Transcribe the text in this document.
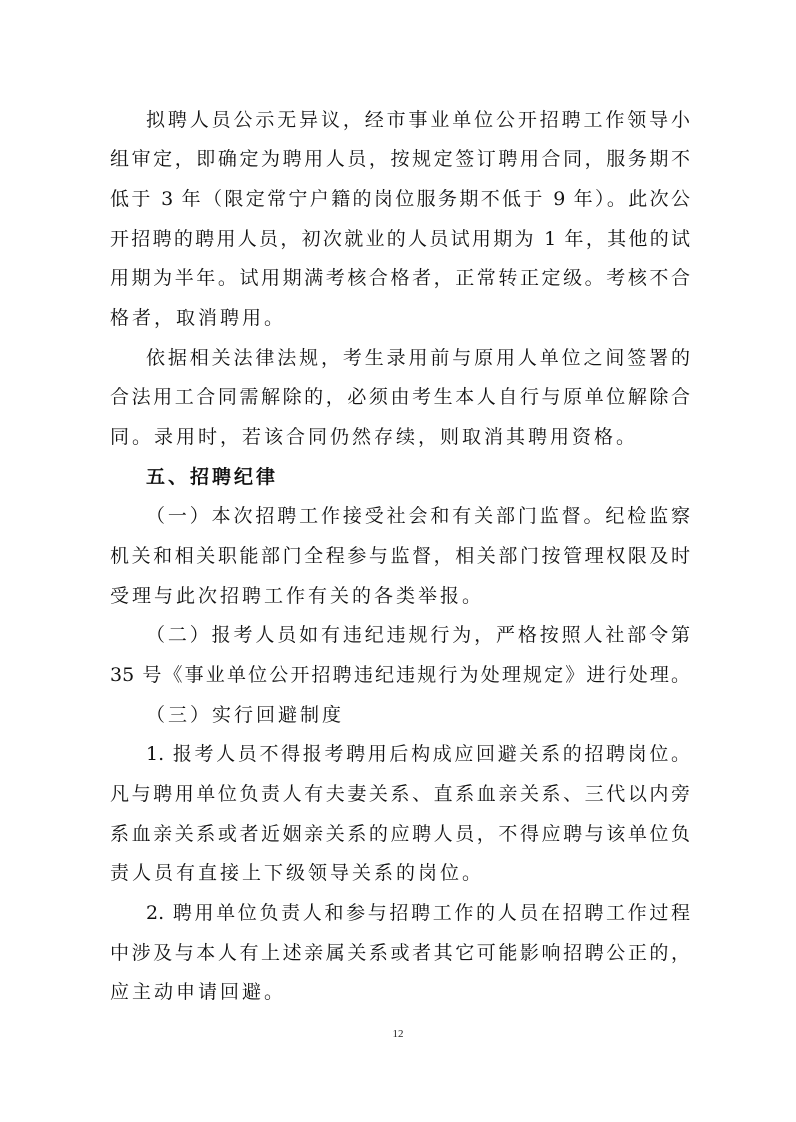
拟聘人员公示无异议，经市事业单位公开招聘工作领导小
组审定，即确定为聘用人员，按规定签订聘用合同，服务期不
低于 3 年（限定常宁户籍的岗位服务期不低于 9 年）。此次公
开招聘的聘用人员，初次就业的人员试用期为 1 年，其他的试
用期为半年。试用期满考核合格者，正常转正定级。考核不合
格者，取消聘用。
依据相关法律法规，考生录用前与原用人单位之间签署的
合法用工合同需解除的，必须由考生本人自行与原单位解除合
同。录用时，若该合同仍然存续，则取消其聘用资格。
五、招聘纪律
（一）本次招聘工作接受社会和有关部门监督。纪检监察
机关和相关职能部门全程参与监督，相关部门按管理权限及时
受理与此次招聘工作有关的各类举报。
（二）报考人员如有违纪违规行为，严格按照人社部令第
35 号《事业单位公开招聘违纪违规行为处理规定》进行处理。
（三）实行回避制度
1. 报考人员不得报考聘用后构成应回避关系的招聘岗位。
凡与聘用单位负责人有夫妻关系、直系血亲关系、三代以内旁
系血亲关系或者近姻亲关系的应聘人员，不得应聘与该单位负
责人员有直接上下级领导关系的岗位。
2. 聘用单位负责人和参与招聘工作的人员在招聘工作过程
中涉及与本人有上述亲属关系或者其它可能影响招聘公正的，
应主动申请回避。
12
